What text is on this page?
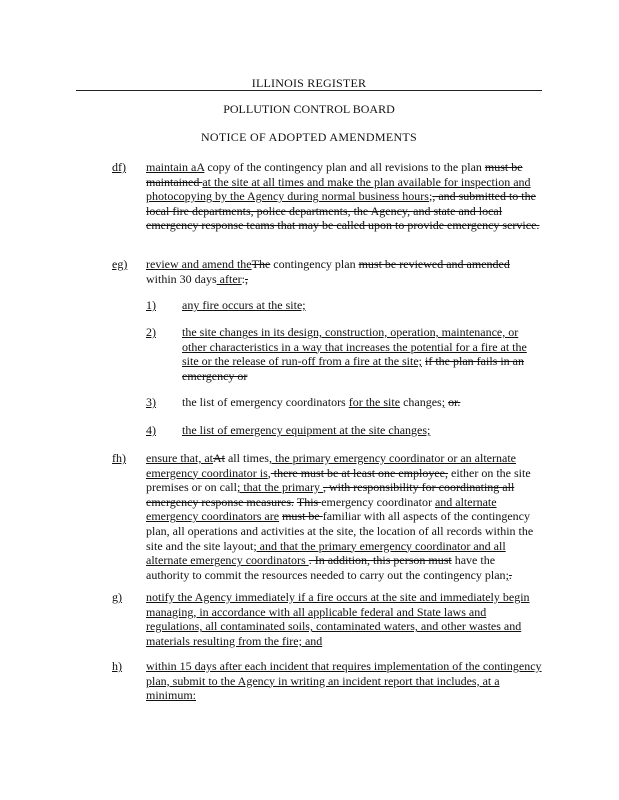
ILLINOIS REGISTER
POLLUTION CONTROL BOARD
NOTICE OF ADOPTED AMENDMENTS
df) maintain aA copy of the contingency plan and all revisions to the plan must be
maintained at the site at all times and make the plan available for inspection and
photocopying by the Agency during normal business hours;, and submitted to the
local fire departments, police departments, the Agency, and state and local
emergency response teams that may be called upon to provide emergency service.
eg) review and amend theThe contingency plan must be reviewed and amended
within 30 days after:,
1) any fire occurs at the site;
2) the site changes in its design, construction, operation, maintenance, or
other characteristics in a way that increases the potential for a fire at the
site or the release of run-off from a fire at the site; if the plan fails in an
emergency or
3) the list of emergency coordinators for the site changes; or.
4) the list of emergency equipment at the site changes;
fh) ensure that, atAt all times, the primary emergency coordinator or an alternate
emergency coordinator is, there must be at least one employee, either on the site
premises or on call; that the primary , with responsibility for coordinating all
emergency response measures. This emergency coordinator and alternate
emergency coordinators are must be familiar with all aspects of the contingency
plan, all operations and activities at the site, the location of all records within the
site and the site layout; and that the primary emergency coordinator and all
alternate emergency coordinators . In addition, this person must have the
authority to commit the resources needed to carry out the contingency plan;.
g) notify the Agency immediately if a fire occurs at the site and immediately begin
managing, in accordance with all applicable federal and State laws and
regulations, all contaminated soils, contaminated waters, and other wastes and
materials resulting from the fire; and
h) within 15 days after each incident that requires implementation of the contingency
plan, submit to the Agency in writing an incident report that includes, at a
minimum:
